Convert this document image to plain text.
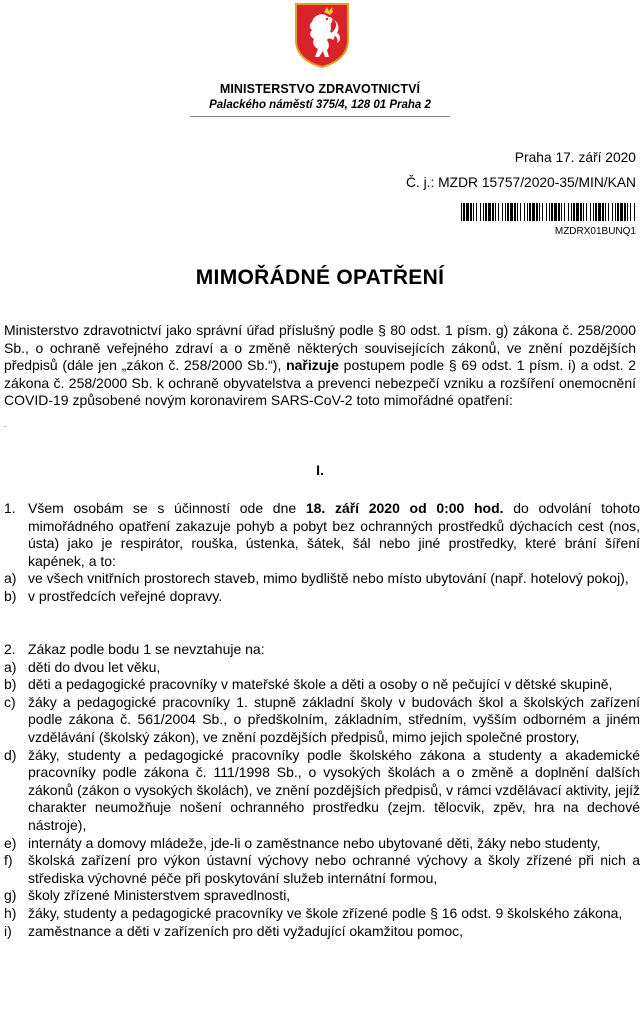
MINISTERSTVO ZDRAVOTNICTVÍ
Palackého náměstí 375/4, 128 01 Praha 2
Praha 17. září 2020
Č. j.: MZDR 15757/2020-35/MIN/KAN
MZDRX01BUNQ1
MIMOŘÁDNÉ OPATŘENÍ

Ministerstvo zdravotnictví jako správní úřad příslušný podle § 80 odst. 1 písm. g) zákona č. 258/2000 Sb., o ochraně veřejného zdraví a o změně některých souvisejících zákonů, ve znění pozdějších předpisů (dále jen „zákon č. 258/2000 Sb.“), nařizuje postupem podle § 69 odst. 1 písm. i) a odst. 2 zákona č. 258/2000 Sb. k ochraně obyvatelstva a prevenci nebezpečí vzniku a rozšíření onemocnění COVID-19 způsobené novým koronavirem SARS-CoV-2 toto mimořádné opatření:

¨
I.
1. Všem osobám se s účinností ode dne 18. září 2020 od 0:00 hod. do odvolání tohoto mimořádného opatření zakazuje pohyb a pobyt bez ochranných prostředků dýchacích cest (nos, ústa) jako je respirátor, rouška, ústenka, šátek, šál nebo jiné prostředky, které brání šíření kapének, a to:
a) ve všech vnitřních prostorech staveb, mimo bydliště nebo místo ubytování (např. hotelový pokoj),
b) v prostředcích veřejné dopravy.
2. Zákaz podle bodu 1 se nevztahuje na:
a) děti do dvou let věku,
b) děti a pedagogické pracovníky v mateřské škole a děti a osoby o ně pečující v dětské skupině,
c) žáky a pedagogické pracovníky 1. stupně základní školy v budovách škol a školských zařízení podle zákona č. 561/2004 Sb., o předškolním, základním, středním, vyšším odborném a jiném vzdělávání (školský zákon), ve znění pozdějších předpisů, mimo jejich společné prostory,
d) žáky, studenty a pedagogické pracovníky podle školského zákona a studenty a akademické pracovníky podle zákona č. 111/1998 Sb., o vysokých školách a o změně a doplnění dalších zákonů (zákon o vysokých školách), ve znění pozdějších předpisů, v rámci vzdělávací aktivity, jejíž charakter neumožňuje nošení ochranného prostředku (zejm. tělocvik, zpěv, hra na dechové nástroje),
e) internáty a domovy mládeže, jde-li o zaměstnance nebo ubytované děti, žáky nebo studenty,
f) školská zařízení pro výkon ústavní výchovy nebo ochranné výchovy a školy zřízené při nich a střediska výchovné péče při poskytování služeb internátní formou,
g) školy zřízené Ministerstvem spravedlnosti,
h) žáky, studenty a pedagogické pracovníky ve škole zřízené podle § 16 odst. 9 školského zákona,
i) zaměstnance a děti v zařízeních pro děti vyžadující okamžitou pomoc,
